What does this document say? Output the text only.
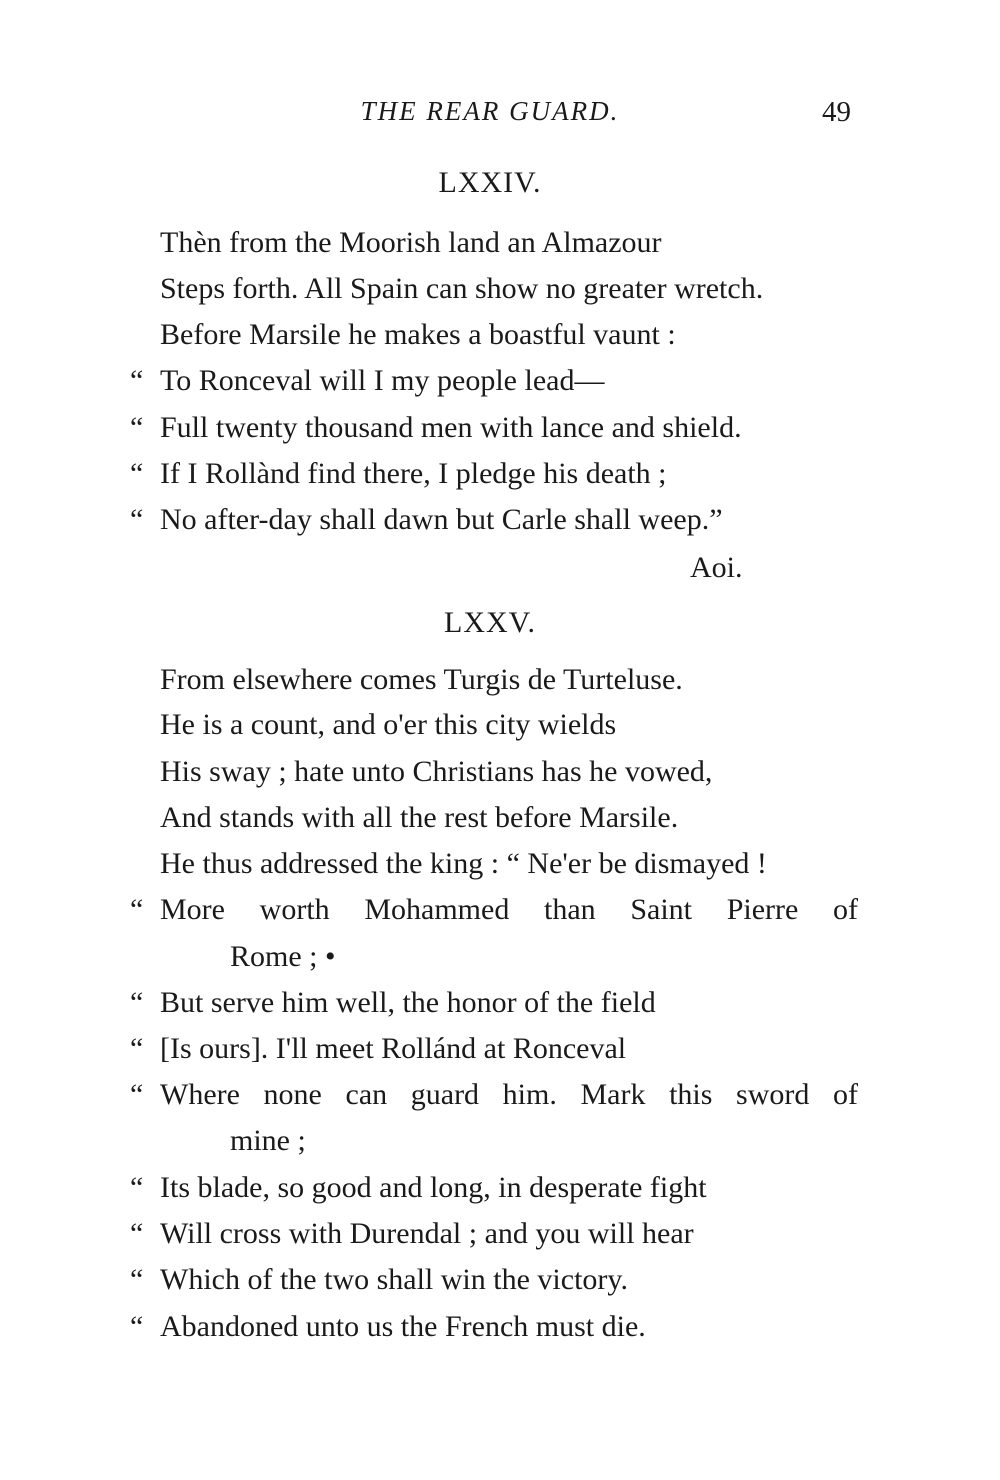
THE REAR GUARD.	49
LXXIV.
Thèn from the Moorish land an Almazour
Steps forth. All Spain can show no greater wretch.
Before Marsile he makes a boastful vaunt :
“ To Ronceval will I my people lead—
“ Full twenty thousand men with lance and shield.
“ If I Rollànd find there, I pledge his death ;
“ No after-day shall dawn but Carle shall weep.”
Aoi.
LXXV.
From elsewhere comes Turgis de Turteluse.
He is a count, and o'er this city wields
His sway ; hate unto Christians has he vowed,
And stands with all the rest before Marsile.
He thus addressed the king : “ Ne'er be dismayed !
“ More worth Mohammed than Saint Pierre of
Rome ; •
“ But serve him well, the honor of the field
“ [Is ours]. I'll meet Rollánd at Ronceval
“ Where none can guard him. Mark this sword of
mine ;
“ Its blade, so good and long, in desperate fight
“ Will cross with Durendal ; and you will hear
“ Which of the two shall win the victory.
“ Abandoned unto us the French must die.
